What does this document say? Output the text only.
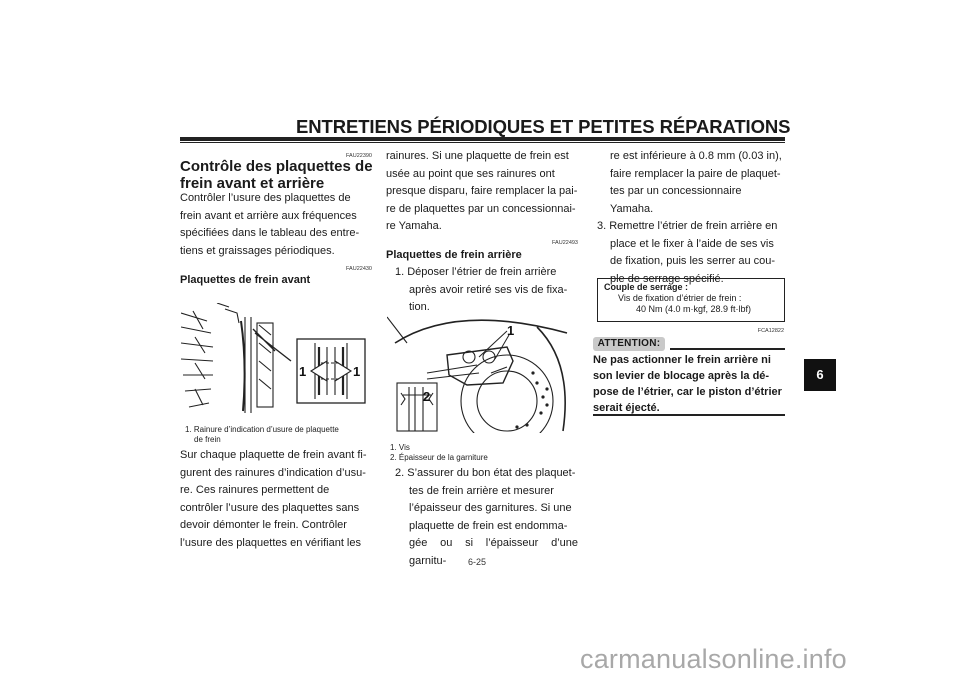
ENTRETIENS PÉRIODIQUES ET PETITES RÉPARATIONS
6
FAU22390
Contrôle des plaquettes de
frein avant et arrière
Contrôler l’usure des plaquettes de
frein avant et arrière aux fréquences
spécifiées dans le tableau des entre-
tiens et graissages périodiques.
FAU22430
Plaquettes de frein avant
1	1
1. Rainure d’indication d’usure de plaquette
de frein
Sur chaque plaquette de frein avant fi-
gurent des rainures d’indication d’usu-
re. Ces rainures permettent de
contrôler l’usure des plaquettes sans
devoir démonter le frein. Contrôler
l’usure des plaquettes en vérifiant les
rainures. Si une plaquette de frein est
usée au point que ses rainures ont
presque disparu, faire remplacer la pai-
re de plaquettes par un concessionnai-
re Yamaha.
FAU22493
Plaquettes de frein arrière
1. Déposer l’étrier de frein arrière
après avoir retiré ses vis de fixa-
tion.
1
2
1. Vis
2. Épaisseur de la garniture
2. S’assurer du bon état des plaquet-
tes de frein arrière et mesurer
l’épaisseur des garnitures. Si une
plaquette de frein est endomma-
gée ou si l’épaisseur d’une garnitu-
re est inférieure à 0.8 mm (0.03 in),
faire remplacer la paire de plaquet-
tes par un concessionnaire
Yamaha.
3. Remettre l’étrier de frein arrière en
place et le fixer à l’aide de ses vis
de fixation, puis les serrer au cou-
ple de serrage spécifié.
Couple de serrage :
Vis de fixation d’étrier de frein :
40 Nm (4.0 m·kgf, 28.9 ft·lbf)
FCA12822
ATTENTION:
Ne pas actionner le frein arrière ni
son levier de blocage après la dé-
pose de l’étrier, car le piston d’étrier
serait éjecté.
6-25
carmanualsonline.info
